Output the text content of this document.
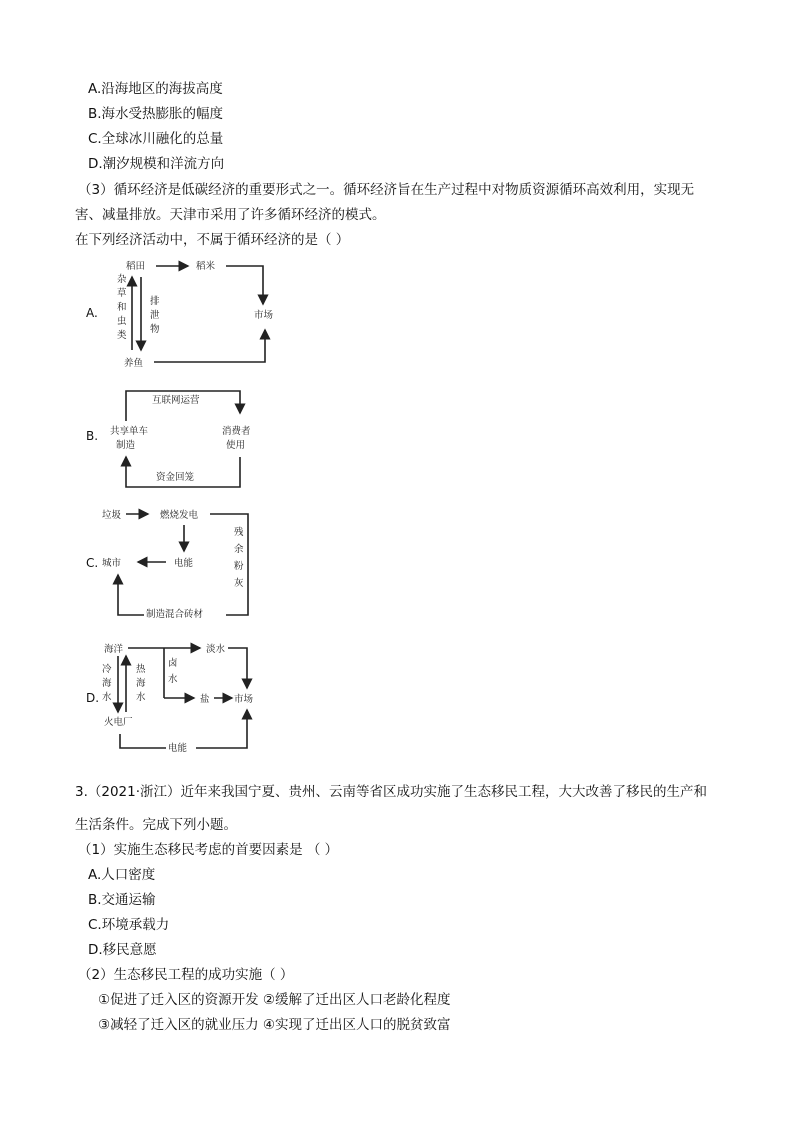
A.沿海地区的海拔高度
B.海水受热膨胀的幅度
C.全球冰川融化的总量
D.潮汐规模和洋流方向
（3）循环经济是低碳经济的重要形式之一。循环经济旨在生产过程中对物质资源循环高效利用，实现无
害、减量排放。天津市采用了许多循环经济的模式。
在下列经济活动中，不属于循环经济的是（ ）
A.
稻田	稻米
市场
养鱼
杂
草
和
虫
类
排
泄
物
B.
互联网运营
共享单车
制造
消费者
使用
资金回笼
C.
垃圾	燃烧发电
电能
城市
残
余
粉
灰
制造混合砖材
D.
海洋	淡水
冷
海
水
火电厂
热
海
水
卤
水
盐	市场
电能
3.（2021·浙江）近年来我国宁夏、贵州、云南等省区成功实施了生态移民工程，大大改善了移民的生产和
生活条件。完成下列小题。
（1）实施生态移民考虑的首要因素是 （ ）
A.人口密度
B.交通运输
C.环境承载力
D.移民意愿
（2）生态移民工程的成功实施（ ）
①促进了迁入区的资源开发 ②缓解了迁出区人口老龄化程度
③减轻了迁入区的就业压力 ④实现了迁出区人口的脱贫致富
